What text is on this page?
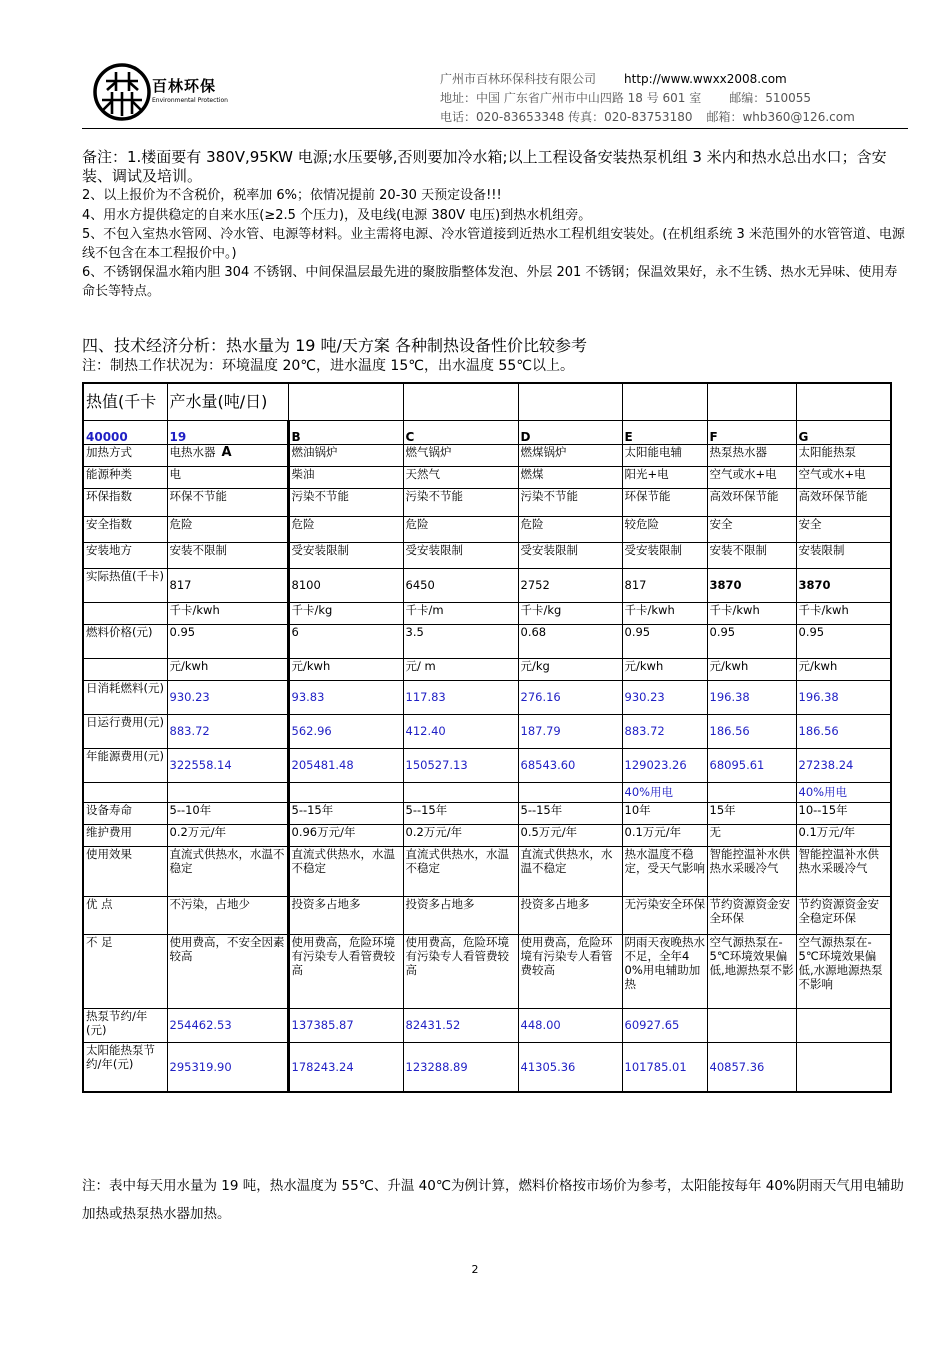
百林环保
Environmental Protection
广州市百林环保科技有限公司 http://www.wwxx2008.com
地址：中国 广东省广州市中山四路 18 号 601 室 邮编：510055
电话：020-83653348 传真：020-83753180 邮箱：whb360@126.com

备注：1.楼面要有 380V,95KW 电源;水压要够,否则要加冷水箱;以上工程设备安装热泵机组 3 米内和热水总出水口；含安装、调试及培训。

2、以上报价为不含税价，税率加 6%；依情况提前 20-30 天预定设备!!!

4、用水方提供稳定的自来水压(≥2.5 个压力)，及电线(电源 380V 电压)到热水机组旁。

5、不包入室热水管网、冷水管、电源等材料。业主需将电源、冷水管道接到近热水工程机组安装处。(在机组系统 3 米范围外的水管管道、电源线不包含在本工程报价中。)

6、不锈钢保温水箱内胆 304 不锈钢、中间保温层最先进的聚胺脂整体发泡、外层 201 不锈钢；保温效果好，永不生锈、热水无异味、使用寿命长等特点。

四、技术经济分析：热水量为 19 吨/天方案 各种制热设备性价比较参考
注：制热工作状况为：环境温度 20℃，进水温度 15℃，出水温度 55℃以上。
热值(千卡	产水量(吨/日)						
40000	19	B	C	D	E	F	G
加热方式	电热水器 A	燃油锅炉	燃气锅炉	燃煤锅炉	太阳能电辅	热泵热水器	太阳能热泵
能源种类	电	柴油	天然气	燃煤	阳光+电	空气或水+电	空气或水+电
环保指数	环保不节能	污染不节能	污染不节能	污染不节能	环保节能	高效环保节能	高效环保节能
安全指数	危险	危险	危险	危险	较危险	安全	安全
安装地方	安装不限制	受安装限制	受安装限制	受安装限制	受安装限制	安装不限制	安装限制
实际热值(千卡)	817	8100	6450	2752	817	3870	3870
	千卡/kwh	千卡/kg	千卡/m	千卡/kg	千卡/kwh	千卡/kwh	千卡/kwh
燃料价格(元)	0.95	6	3.5	0.68	0.95	0.95	0.95
	元/kwh	元/kwh	元/ m	元/kg	元/kwh	元/kwh	元/kwh
日消耗燃料(元)	930.23	93.83	117.83	276.16	930.23	196.38	196.38
日运行费用(元)	883.72	562.96	412.40	187.79	883.72	186.56	186.56
年能源费用(元)	322558.14	205481.48	150527.13	68543.60	129023.26	68095.61	27238.24
					40%用电		40%用电
设备寿命	5--10年	5--15年	5--15年	5--15年	10年	15年	10--15年
维护费用	0.2万元/年	0.96万元/年	0.2万元/年	0.5万元/年	0.1万元/年	无	0.1万元/年
使用效果	直流式供热水，水温不稳定	直流式供热水，水温不稳定	直流式供热水，水温不稳定	直流式供热水，水温不稳定	热水温度不稳定，受天气影响	智能控温补水供热水采暖冷气	智能控温补水供热水采暖冷气
优 点	不污染，占地少	投资多占地多	投资多占地多	投资多占地多	无污染安全环保	节约资源资金安全环保	节约资源资金安全稳定环保
不 足	使用费高，不安全因素较高	使用费高，危险环境有污染专人看管费较高	使用费高，危险环境有污染专人看管费较高	使用费高，危险环境有污染专人看管费较高	阴雨天夜晚热水不足，全年40%用电辅助加热	空气源热泵在-5℃环境效果偏低,地源热泵不影	空气源热泵在-5℃环境效果偏低,水源地源热泵不影响
热泵节约/年(元)	254462.53	137385.87	82431.52	448.00	60927.65		
太阳能热泵节约/年(元)	295319.90	178243.24	123288.89	41305.36	101785.01	40857.36	
注：表中每天用水量为 19 吨，热水温度为 55℃、升温 40℃为例计算，燃料价格按市场价为参考，太阳能按每年 40%阴雨天气用电辅助加热或热泵热水器加热。
2
